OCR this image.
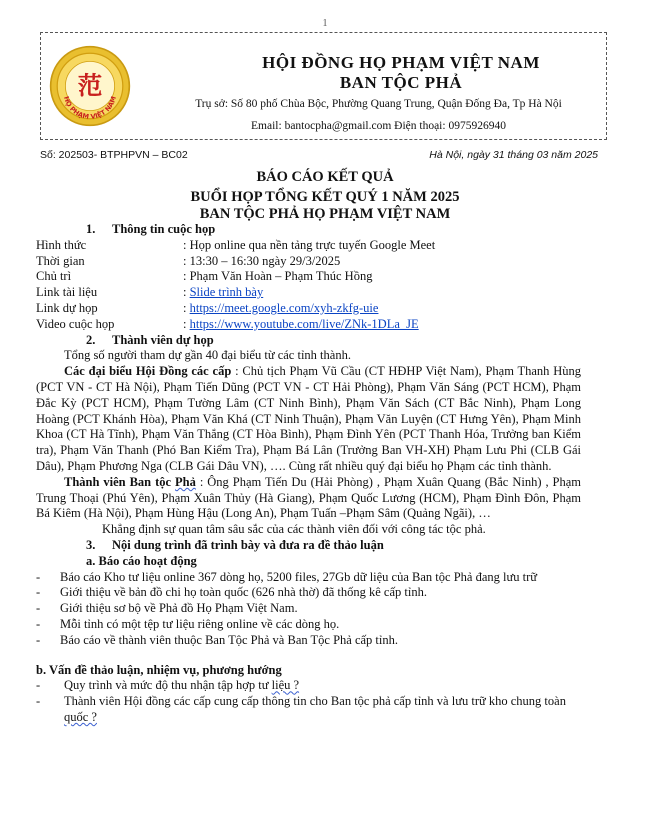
1
HỌ PHẠM VIỆT NAM
范
HỘI ĐỒNG HỌ PHẠM VIỆT NAM
BAN TỘC PHẢ
Trụ sở: Số 80 phố Chùa Bộc, Phường Quang Trung, Quận Đống Đa, Tp Hà Nội
Email: bantocpha@gmail.com Điện thoại: 0975926940
Số: 202503- BTPHPVN – BC02	Hà Nội, ngày 31 tháng 03 năm 2025
BÁO CÁO KẾT QUẢ
BUỔI HỌP TỔNG KẾT QUÝ 1 NĂM 2025
BAN TỘC PHẢ HỌ PHẠM VIỆT NAM
1. Thông tin cuộc họp
Hình thức	: Họp online qua nền tảng trực tuyến Google Meet
Thời gian	: 13:30 – 16:30 ngày 29/3/2025
Chủ trì	: Phạm Văn Hoàn – Phạm Thúc Hồng
Link tài liệu	: Slide trình bày
Link dự họp	: https://meet.google.com/xyh-zkfg-uie
Video cuộc họp	: https://www.youtube.com/live/ZNk-1DLa_JE
2. Thành viên dự họp
Tổng số người tham dự gần 40 đại biểu từ các tỉnh thành.
Các đại biểu Hội Đồng các cấp : Chủ tịch Phạm Vũ Cầu (CT HĐHP Việt Nam), Phạm Thanh Hùng (PCT VN - CT Hà Nội), Phạm Tiến Dũng (PCT VN - CT Hải Phòng), Phạm Văn Sáng (PCT HCM), Phạm Đắc Kỳ (PCT HCM), Phạm Tường Lâm (CT Ninh Bình), Phạm Văn Sách (CT Bắc Ninh), Phạm Long Hoàng (PCT Khánh Hòa), Phạm Văn Khá (CT Ninh Thuận), Phạm Văn Luyện (CT Hưng Yên), Phạm Minh Khoa (CT Hà Tĩnh), Phạm Văn Thắng (CT Hòa Bình), Phạm Đình Yên (PCT Thanh Hóa, Trưởng ban Kiểm tra), Phạm Văn Thanh (Phó Ban Kiểm Tra), Phạm Bá Lân (Trưởng Ban VH-XH) Phạm Lưu Phi (CLB Gái Dâu), Phạm Phương Nga (CLB Gái Dâu VN), …. Cùng rất nhiều quý đại biểu họ Phạm các tỉnh thành.
Thành viên Ban tộc Phả : Ông Phạm Tiến Du (Hải Phòng) , Phạm Xuân Quang (Bắc Ninh) , Phạm Trung Thoại (Phú Yên), Phạm Xuân Thủy (Hà Giang), Phạm Quốc Lương (HCM), Phạm Đình Đôn, Phạm Bá Kiêm (Hà Nội), Phạm Hùng Hậu (Long An), Phạm Tuấn –Phạm Sâm (Quảng Ngãi), …
Khẳng định sự quan tâm sâu sắc của các thành viên đối với công tác tộc phả.
3. Nội dung trình đã trình bày và đưa ra đề thảo luận
a. Báo cáo hoạt động
-	Báo cáo Kho tư liệu online 367 dòng họ, 5200 files, 27Gb dữ liệu của Ban tộc Phả đang lưu trữ
-	Giới thiệu về bản đồ chi họ toàn quốc (626 nhà thờ) đã thống kê cấp tỉnh.
-	Giới thiệu sơ bộ về Phả đồ Họ Phạm Việt Nam.
-	Mỗi tỉnh có một tệp tư liệu riêng online về các dòng họ.
-	Báo cáo về thành viên thuộc Ban Tộc Phả và Ban Tộc Phả cấp tỉnh.
b. Vấn đề thảo luận, nhiệm vụ, phương hướng
-	Quy trình và mức độ thu nhận tập hợp tư liệu ?
-	Thành viên Hội đồng các cấp cung cấp thông tin cho Ban tộc phả cấp tỉnh và lưu trữ kho chung toàn quốc ?
